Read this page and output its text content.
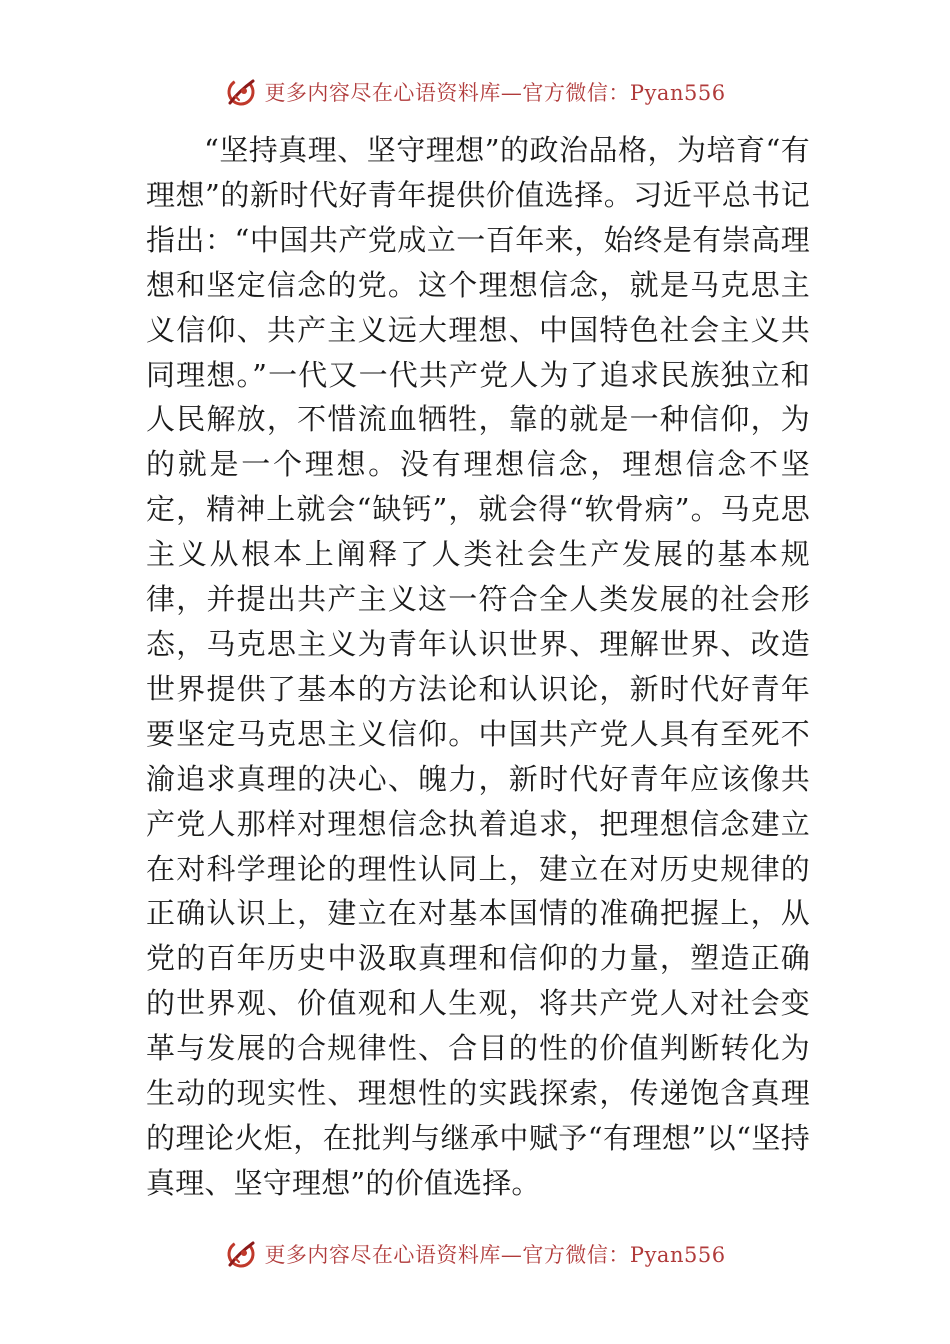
更多内容尽在心语资料库—官方微信：Pyan556

“坚持真理、坚守理想”的政治品格，为培育“有理想”的新时代好青年提供价值选择。习近平总书记指出：“中国共产党成立一百年来，始终是有崇高理想和坚定信念的党。这个理想信念，就是马克思主义信仰、共产主义远大理想、中国特色社会主义共同理想。”一代又一代共产党人为了追求民族独立和人民解放，不惜流血牺牲，靠的就是一种信仰，为的就是一个理想。没有理想信念，理想信念不坚定，精神上就会“缺钙”，就会得“软骨病”。马克思主义从根本上阐释了人类社会生产发展的基本规律，并提出共产主义这一符合全人类发展的社会形态，马克思主义为青年认识世界、理解世界、改造世界提供了基本的方法论和认识论，新时代好青年要坚定马克思主义信仰。中国共产党人具有至死不渝追求真理的决心、魄力，新时代好青年应该像共产党人那样对理想信念执着追求，把理想信念建立在对科学理论的理性认同上，建立在对历史规律的正确认识上，建立在对基本国情的准确把握上，从党的百年历史中汲取真理和信仰的力量，塑造正确的世界观、价值观和人生观，将共产党人对社会变革与发展的合规律性、合目的性的价值判断转化为生动的现实性、理想性的实践探索，传递饱含真理的理论火炬，在批判与继承中赋予“有理想”以“坚持真理、坚守理想”的价值选择。

更多内容尽在心语资料库—官方微信：Pyan556
